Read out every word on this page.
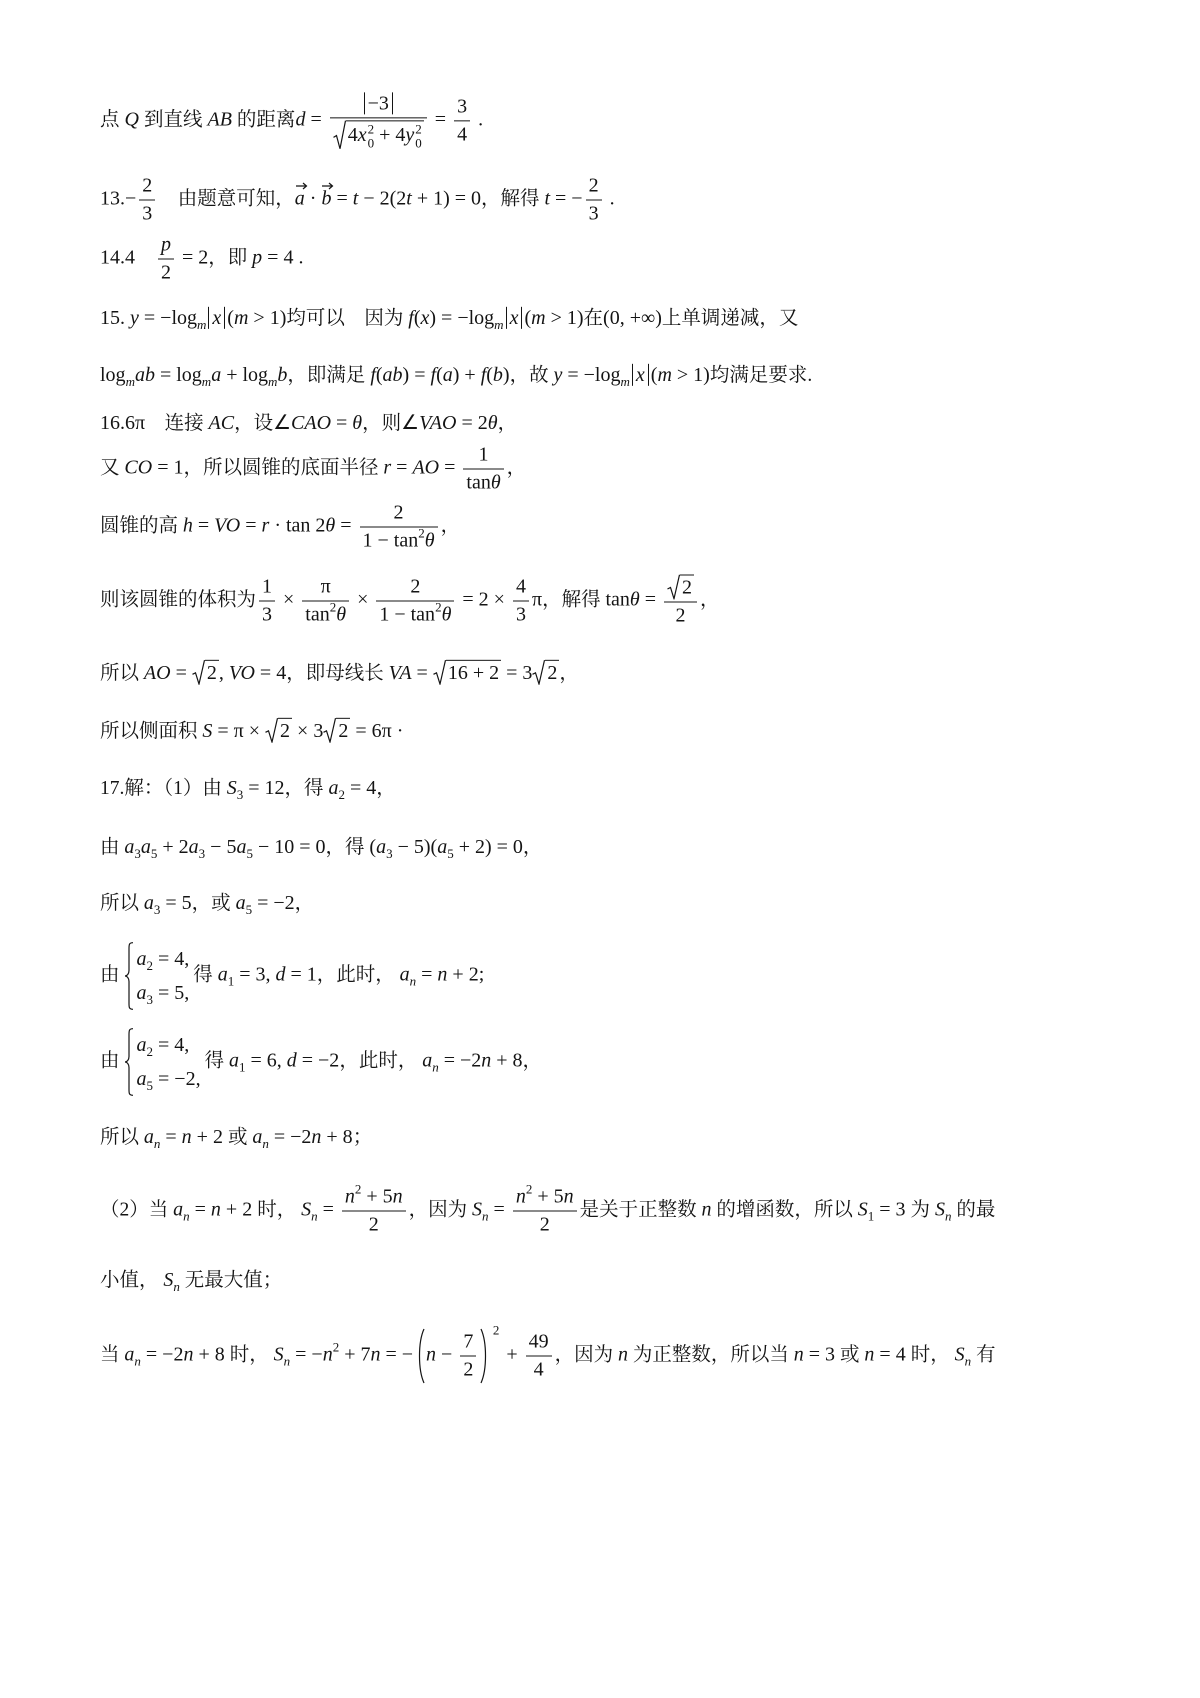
点 Q 到直线 AB 的距离d = −3
4x 2
0 + 4y 2
$0 = \frac{3}{4}$ .
$13.- \frac{2}{3}$ 由题意可知，a
· b
= t − 2(2t + 1) = 0，解得 t = − $\frac{2}{3}$ .
$14.4 \frac{p}{2} = 2$，即 p = 4 .
15. $y = -\log_m$ x (m > 1)均可以    因为 $f(x) = -\log_m$ x (m > 1)在(0, +∞)上单调递减，又
$\log_mab = \log_ma + \log_mb$，即满足 f(ab) = f(a) + f(b)，故 $y = -\log_m$ x (m > 1)均满足要求.
16.6π    连接 AC，设∠CAO = θ，则∠VAO = 2θ，
又 CO = 1，所以圆锥的底面半径 r = AO = $\frac{1}{\tan\theta}$ ，
圆锥的高 h = VO = $r \cdot \tan 2\theta = \frac{2}{1 - \tan^2\theta}$ ，
则该圆锥的体积为 $\frac{1}{3} \times \frac{\pi}{\tan^2\theta} \times \frac{2}{1 - \tan^2\theta} = 2 \times \frac{4}{3}$ π，解得 $\tan\theta = \frac{2}{2}$ ，
所以 AO =
2 , VO = 4，即母线长 VA =
16 + 2 = 3 2 ，
所以侧面积 S = π ×
2 × 3 2 = 6π ·
17.解：（1）由 $S_3 = 12$，得 $a_2 = 4$，
由 $a_3a_5 + 2a_3 - 5a_5 - 10 = 0$，得 $(a_3 - 5)(a_5 + 2) = 0$，
所以 $a_3 = 5$，或 $a_5 = -2$，
由
$a_2 = 4$,
$a_3 = 5$,
得 $a_1 = 3$, d = 1，此时， $a_n = n + 2$;
由
$a_2 = 4$,
$a_5 = -2$,
得 $a_1 = 6$, d = −2，此时， $a_n = -2n + 8$，
所以 $a_n = n + 2$ 或 $a_n = -2n + 8$；
（2）当 $a_n = n + 2$ 时， $S_n = \frac{n^2 + 5n}{2}$ ，因为 $S_n = \frac{n^2 + 5n}{2}$ 是关于正整数 n 的增函数，所以 $S_1 = 3$ 为 $S_n$ 的最
小值， $S_n$ 无最大值；
当 $a_n = -2n + 8$ 时， $S_n = -n^2 + 7n$ = − $n - \frac{7}{2}$
2
+ $\frac{49}{4}$ ，因为 n 为正整数，所以当 n = 3 或 n = 4 时， $S_n$ 有
